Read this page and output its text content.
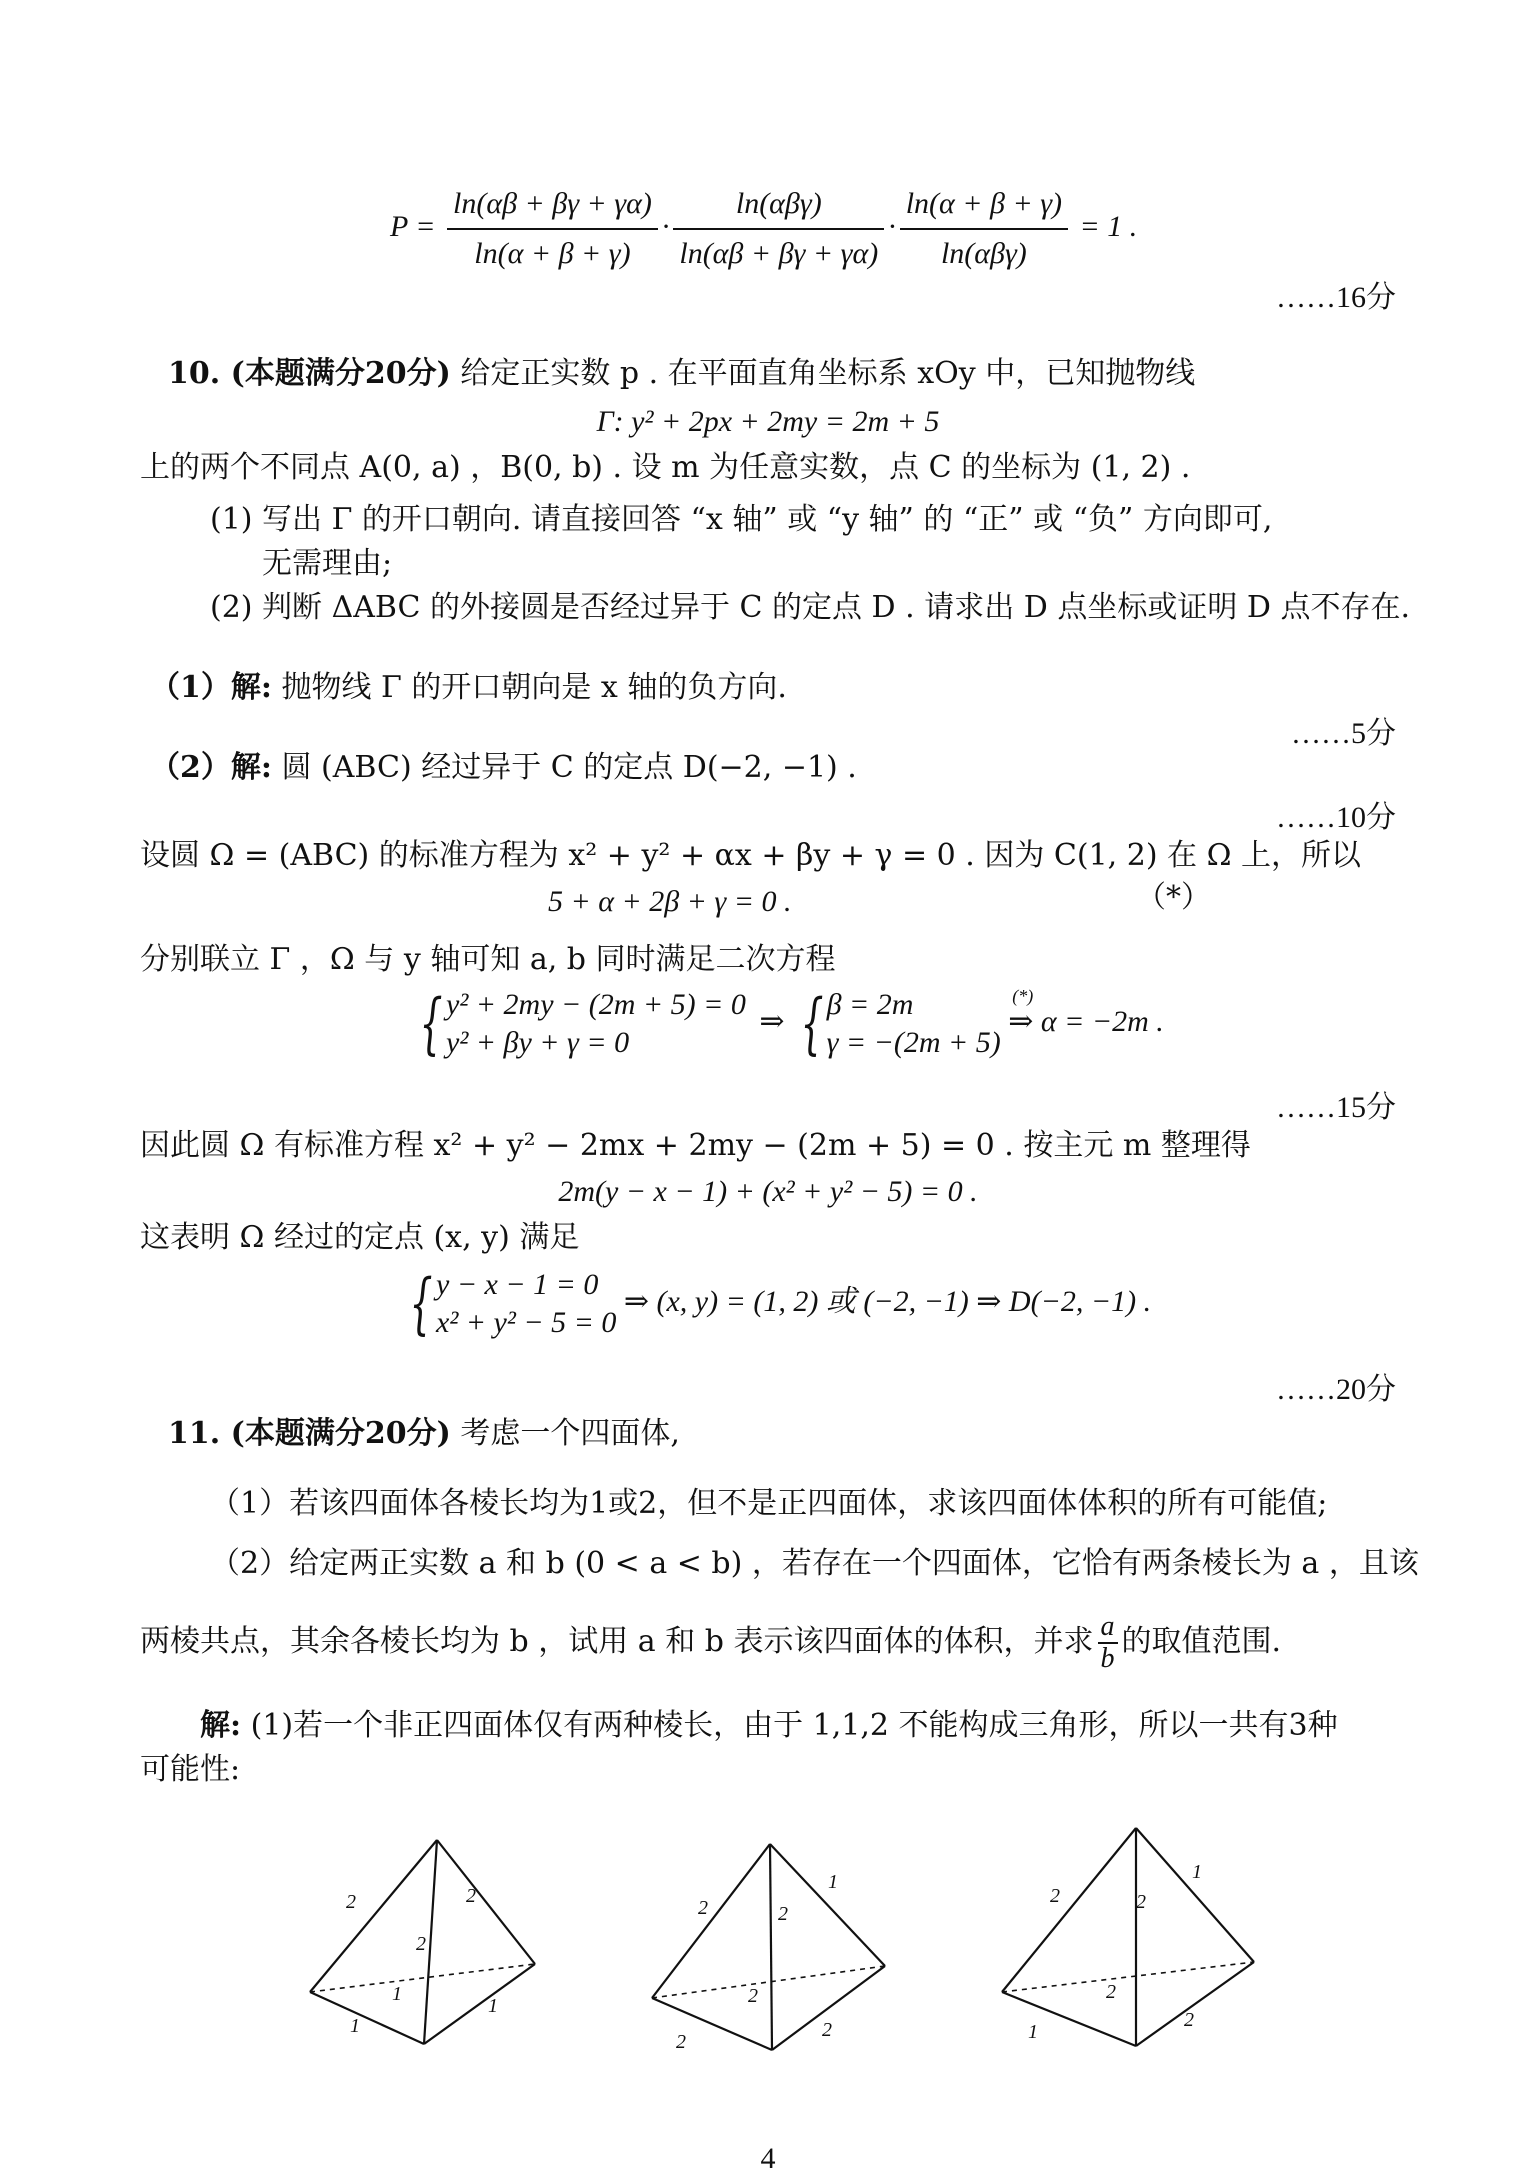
$P = \frac{\ln(\alpha\beta + \beta\gamma + \gamma\alpha)}{\ln(\alpha + \beta + \gamma)} \cdot \frac{\text{ln(αβγ)}}{\ln(\alpha\beta + \beta\gamma + \gamma\alpha)} \cdot \frac{\ln(\alpha + \beta + \gamma)}{\text{ln(αβγ)}} = 1$ .
……16分
10. (本题满分20分) 给定正实数 p . 在平面直角坐标系 xOy 中，已知抛物线
Γ: y² + 2px + 2my = 2m + 5
上的两个不同点 A(0, a) ，B(0, b) . 设 m 为任意实数，点 C 的坐标为 (1, 2) .
(1) 写出 Γ 的开口朝向. 请直接回答 “x 轴” 或 “y 轴” 的 “正” 或 “负” 方向即可,
无需理由;
(2) 判断 ΔABC 的外接圆是否经过异于 C 的定点 D . 请求出 D 点坐标或证明 D 点不存在.
（1）解: 抛物线 Γ 的开口朝向是 x 轴的负方向.
……5分
（2）解: 圆 (ABC) 经过异于 C 的定点 D(−2, −1) .
……10分
设圆 Ω = (ABC) 的标准方程为 x² + y² + αx + βy + γ = 0 . 因为 C(1, 2) 在 Ω 上，所以
5 + α + 2β + γ = 0 .	（*）
分别联立 Γ ，Ω 与 y 轴可知 a, b 同时满足二次方程
{ y² + 2my − (2m + 5) = 0
y² + βy + γ = 0
⇒ { β = 2m
γ = −(2m + 5)

(*)
⇒ α = −2m .
……15分
因此圆 Ω 有标准方程 x² + y² − 2mx + 2my − (2m + 5) = 0 . 按主元 m 整理得
2m(y − x − 1) + (x² + y² − 5) = 0 .
这表明 Ω 经过的定点 (x, y) 满足
{ y − x − 1 = 0
x² + y² − 5 = 0
⇒ (x, y) = (1, 2) 或 (−2, −1) ⇒ D(−2, −1) .
……20分
11. (本题满分20分) 考虑一个四面体,
（1）若该四面体各棱长均为1或2，但不是正四面体，求该四面体体积的所有可能值;
（2）给定两正实数 a 和 b (0 < a < b) ，若存在一个四面体，它恰有两条棱长为 a ，且该
两棱共点，其余各棱长均为 b ，试用 a 和 b 表示该四面体的体积，并求 $\frac{a}{b}$ 的取值范围.
解: (1)若一个非正四面体仅有两种棱长，由于 1,1,2 不能构成三角形，所以一共有3种
可能性:
2	2
2
1
1
1
2	2
1
2
2
2
2	2
1
2
1
2
4
